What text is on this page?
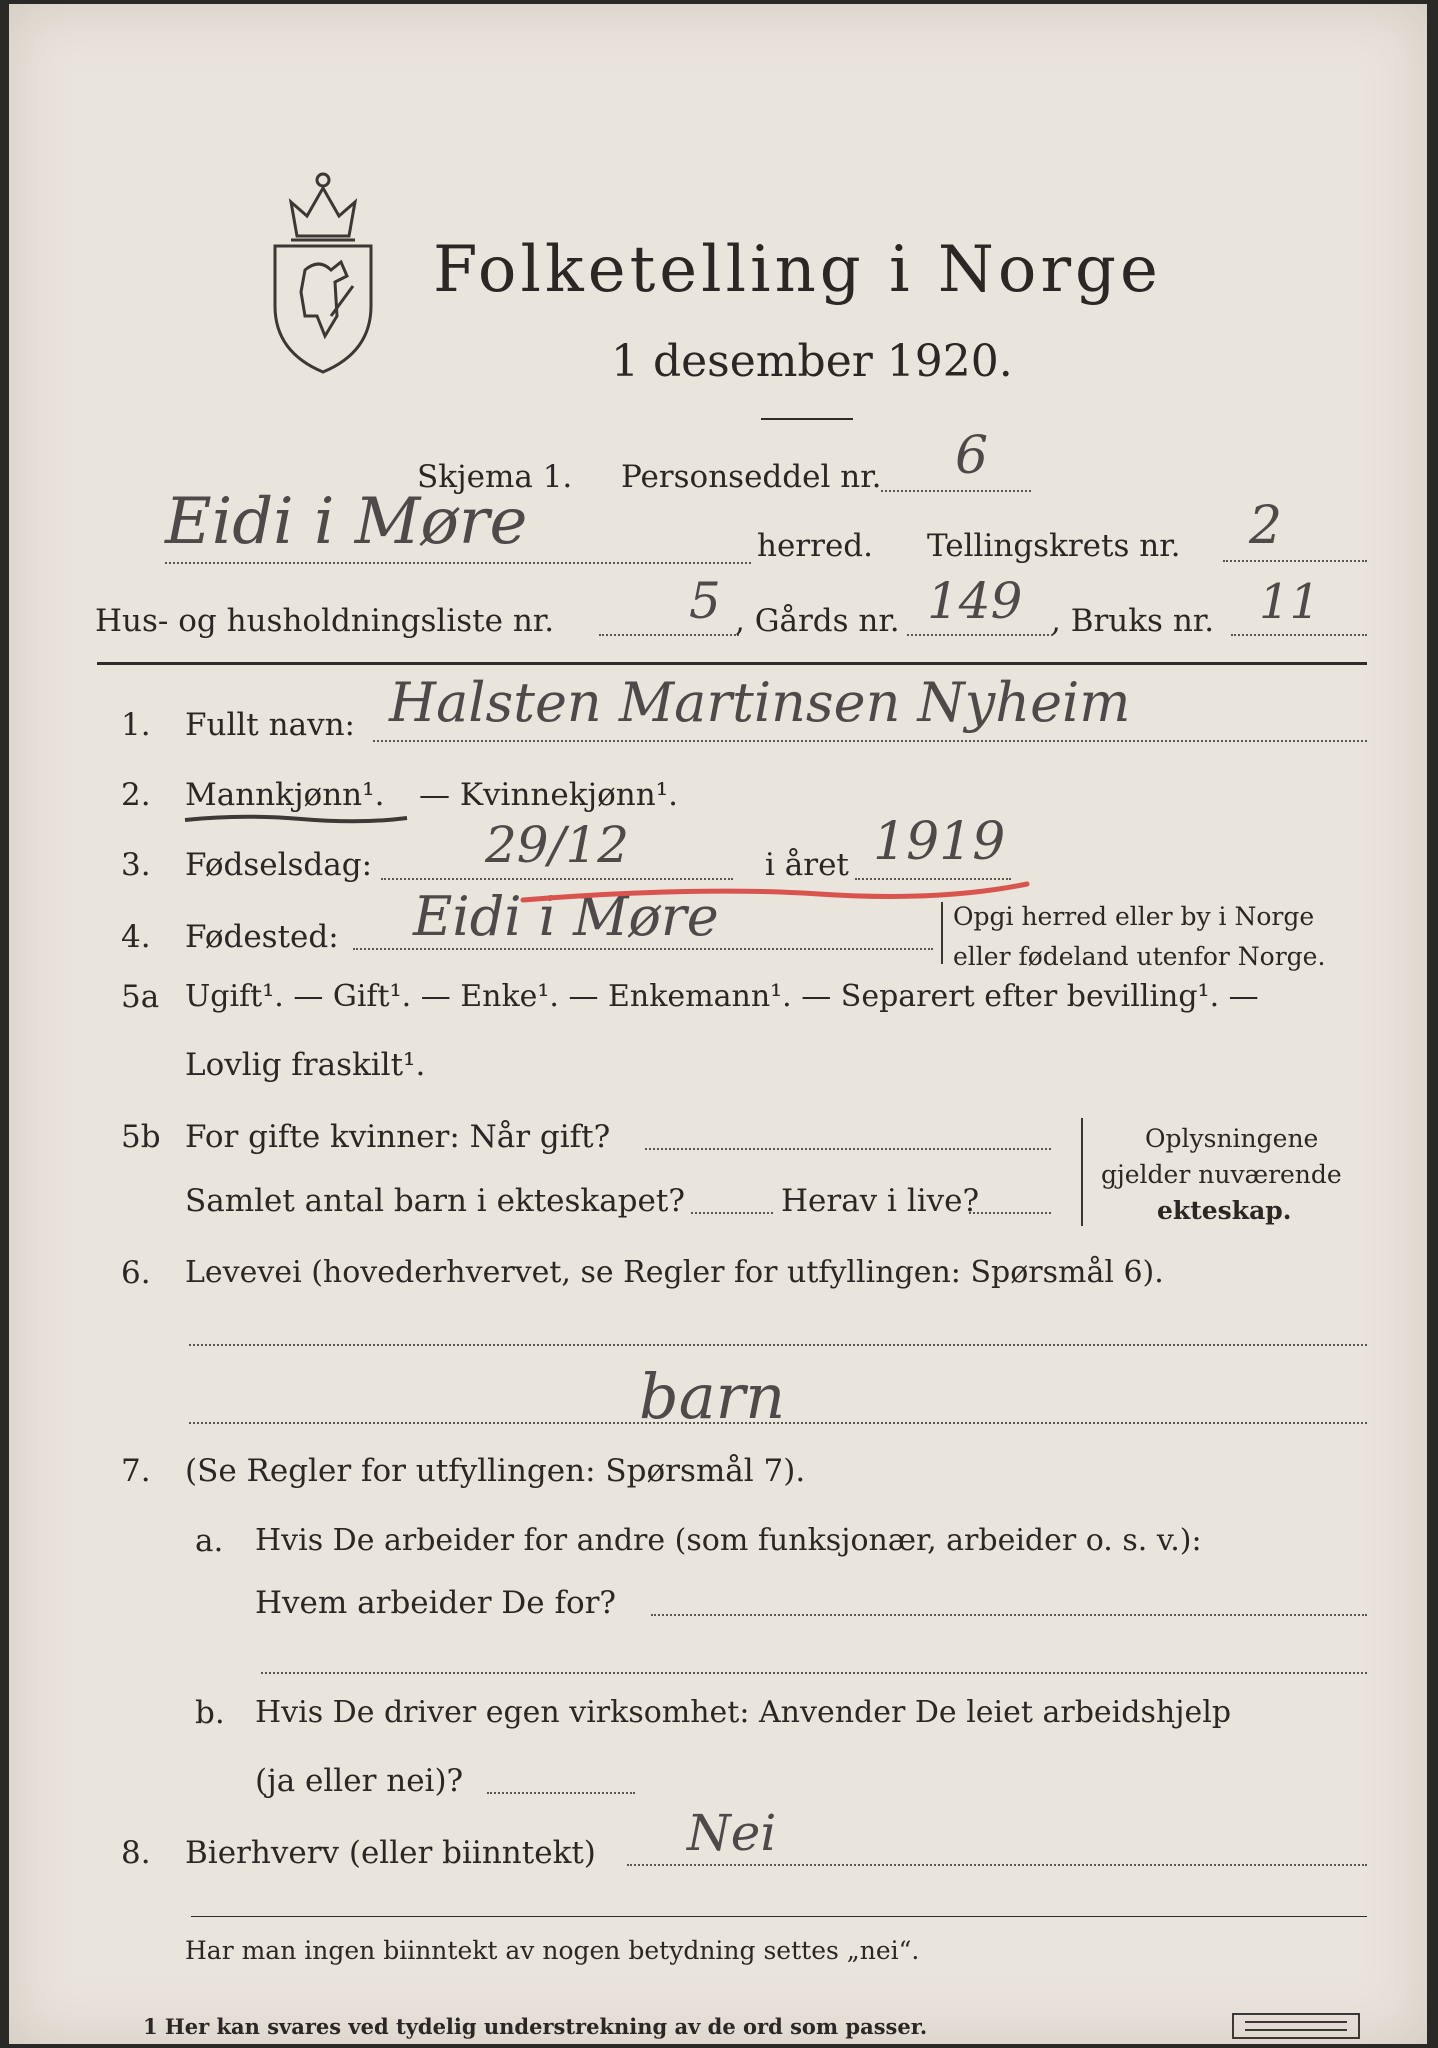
Folketelling i Norge
1 desember 1920.
Skjema 1. Personseddel nr. 6
Eidi i Møre	herred. Tellingskrets nr. 2
Hus- og husholdningsliste nr.	5 , Gårds nr. 149 , Bruks nr. 11
1. Fullt navn: Halsten Martinsen Nyheim
2. Mannkjønn¹. — Kvinnekjønn¹.
3. Fødselsdag: 29/12	i året 1919
4. Fødested: Eidi i Møre	Opgi herred eller by i Norge
eller fødeland utenfor Norge.
5a Ugift¹. — Gift¹. — Enke¹. — Enkemann¹. — Separert efter bevilling¹. —
Lovlig fraskilt¹.
5b For gifte kvinner: Når gift?
Samlet antal barn i ekteskapet?	Herav i live?
Oplysningene
gjelder nuværende
ekteskap.
6. Levevei (hovederhvervet, se Regler for utfyllingen: Spørsmål 6).
barn
7. (Se Regler for utfyllingen: Spørsmål 7).
a. Hvis De arbeider for andre (som funksjonær, arbeider o. s. v.):
Hvem arbeider De for?
b. Hvis De driver egen virksomhet: Anvender De leiet arbeidshjelp
(ja eller nei)?
8. Bierhverv (eller biinntekt) Nei
Har man ingen biinntekt av nogen betydning settes „nei“.
1 Her kan svares ved tydelig understrekning av de ord som passer.
